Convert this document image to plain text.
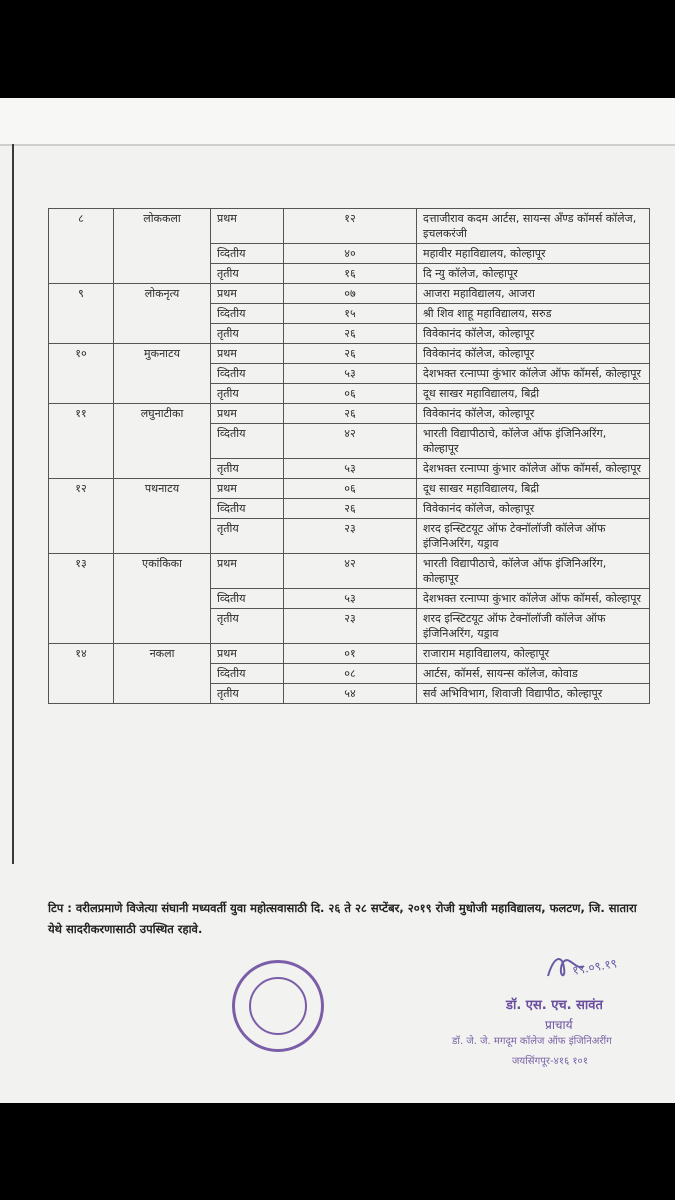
८	लोककला	प्रथम	१२	दत्ताजीराव कदम आर्टस, सायन्स अँण्ड कॉमर्स कॉलेज, इचलकरंजी
		व्दितीय	४०	महावीर महाविद्यालय, कोल्हापूर
		तृतीय	१६	दि न्यु कॉलेज, कोल्हापूर
९	लोकनृत्य	प्रथम	०७	आजरा महाविद्यालय, आजरा
		व्दितीय	१५	श्री शिव शाहू महाविद्यालय, सरुड
		तृतीय	२६	विवेकानंद कॉलेज, कोल्हापूर
१०	मुकनाटय	प्रथम	२६	विवेकानंद कॉलेज, कोल्हापूर
		व्दितीय	५३	देशभक्त रत्नाप्पा कुंभार कॉलेज ऑफ कॉमर्स, कोल्हापूर
		तृतीय	०६	दूध साखर महाविद्यालय, बिद्री
११	लघुनाटीका	प्रथम	२६	विवेकानंद कॉलेज, कोल्हापूर
		व्दितीय	४२	भारती विद्यापीठाचे, कॉलेज ऑफ इंजिनिअरिंग, कोल्हापूर
		तृतीय	५३	देशभक्त रत्नाप्पा कुंभार कॉलेज ऑफ कॉमर्स, कोल्हापूर
१२	पथनाटय	प्रथम	०६	दूध साखर महाविद्यालय, बिद्री
		व्दितीय	२६	विवेकानंद कॉलेज, कोल्हापूर
		तृतीय	२३	शरद इन्स्टिटयूट ऑफ टेक्नॉलॉजी कॉलेज ऑफ इंजिनिअरिंग, यड्राव
१३	एकांकिका	प्रथम	४२	भारती विद्यापीठाचे, कॉलेज ऑफ इंजिनिअरिंग, कोल्हापूर
		व्दितीय	५३	देशभक्त रत्नाप्पा कुंभार कॉलेज ऑफ कॉमर्स, कोल्हापूर
		तृतीय	२३	शरद इन्स्टिटयूट ऑफ टेक्नॉलॉजी कॉलेज ऑफ इंजिनिअरिंग, यड्राव
१४	नकला	प्रथम	०१	राजाराम महाविद्यालय, कोल्हापूर
		व्दितीय	०८	आर्टस, कॉमर्स, सायन्स कॉलेज, कोवाड
		तृतीय	५४	सर्व अभिविभाग, शिवाजी विद्यापीठ, कोल्हापूर
टिप : वरीलप्रमाणे विजेत्या संघानी मध्यवर्ती युवा महोत्सवासाठी दि. २६ ते २८ सप्टेंबर, २०१९ रोजी मुधोजी महाविद्यालय, फलटण, जि. सातारा येथे सादरीकरणासाठी उपस्थित रहावे.
१९.०९.१९
डॉ. एस. एच. सावंत
प्राचार्य
डॉ. जे. जे. मगदूम कॉलेज ऑफ इंजिनिअरींग
जयसिंगपूर-४१६ १०१
